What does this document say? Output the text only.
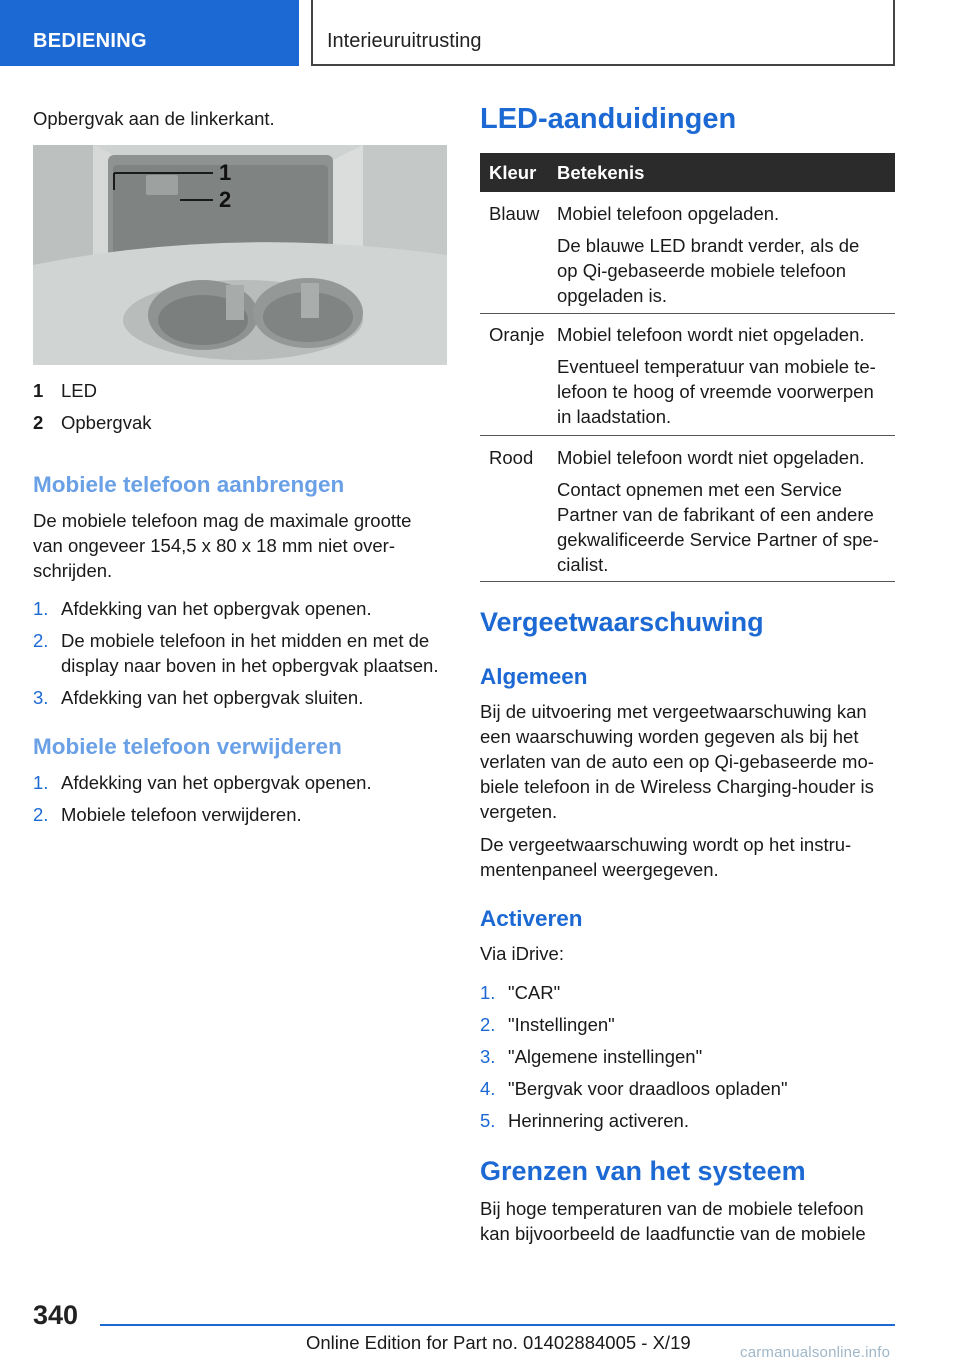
BEDIENING	Interieuruitrusting
Opbergvak aan de linkerkant.
1
2
1 LED
2 Opbergvak
Mobiele telefoon aanbrengen
De mobiele telefoon mag de maximale grootte
van ongeveer 154,5 x 80 x 18 mm niet over‐
schrijden.
1. Afdekking van het opbergvak openen.
2. De mobiele telefoon in het midden en met de
display naar boven in het opbergvak plaatsen.
3. Afdekking van het opbergvak sluiten.
Mobiele telefoon verwijderen
1. Afdekking van het opbergvak openen.
2. Mobiele telefoon verwijderen.
LED-aanduidingen
Kleur Betekenis
Blauw Mobiel telefoon opgeladen.
De blauwe LED brandt verder, als de
op Qi-gebaseerde mobiele telefoon
opgeladen is.
Oranje Mobiel telefoon wordt niet opgeladen.
Eventueel temperatuur van mobiele te‐
lefoon te hoog of vreemde voorwerpen
in laadstation.
Rood Mobiel telefoon wordt niet opgeladen.
Contact opnemen met een Service
Partner van de fabrikant of een andere
gekwalificeerde Service Partner of spe‐
cialist.
Vergeetwaarschuwing
Algemeen
Bij de uitvoering met vergeetwaarschuwing kan
een waarschuwing worden gegeven als bij het
verlaten van de auto een op Qi-gebaseerde mo‐
biele telefoon in de Wireless Charging-houder is
vergeten.
De vergeetwaarschuwing wordt op het instru‐
mentenpaneel weergegeven.
Activeren
Via iDrive:
1. "CAR"
2. "Instellingen"
3. "Algemene instellingen"
4. "Bergvak voor draadloos opladen"
5. Herinnering activeren.
Grenzen van het systeem
Bij hoge temperaturen van de mobiele telefoon
kan bijvoorbeeld de laadfunctie van de mobiele
340
Online Edition for Part no. 01402884005 - X/19	carmanualsonline.info
